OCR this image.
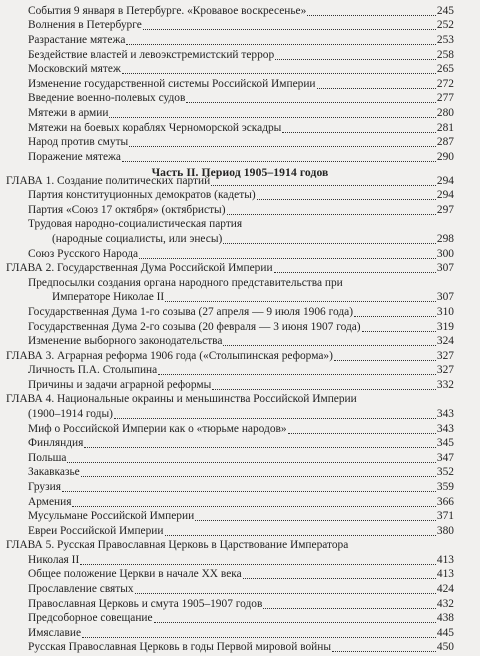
Часть II. Период 1905–1914 годов
События 9 января в Петербурге. «Кровавое воскресенье»	245
Волнения в Петербурге	252
Разрастание мятежа	253
Бездействие властей и левоэкстремистский террор	258
Московский мятеж	265
Изменение государственной системы Российской Империи	272
Введение военно-полевых судов	277
Мятежи в армии	280
Мятежи на боевых кораблях Черноморской эскадры	281
Народ против смуты	287
Поражение мятежа	290
ГЛАВА 1. Создание политических партий	294
Партия конституционных демократов (кадеты)	294
Партия «Союз 17 октября» (октябристы)	297
Трудовая народно-социалистическая партия
(народные социалисты, или энесы)	298
Союз Русского Народа	300
ГЛАВА 2. Государственная Дума Российской Империи	307
Предпосылки создания органа народного представительства при
Императоре Николае II	307
Государственная Дума 1-го созыва (27 апреля — 9 июля 1906 года)	310
Государственная Дума 2-го созыва (20 февраля — 3 июня 1907 года)	319
Изменение выборного законодательства	324
ГЛАВА 3. Аграрная реформа 1906 года («Столыпинская реформа»)	327
Личность П.А. Столыпина	327
Причины и задачи аграрной реформы	332
ГЛАВА 4. Национальные окраины и меньшинства Российской Империи
(1900–1914 годы)	343
Миф о Российской Империи как о «тюрьме народов»	343
Финляндия	345
Польша	347
Закавказье	352
Грузия	359
Армения	366
Мусульмане Российской Империи	371
Евреи Российской Империи	380
ГЛАВА 5. Русская Православная Церковь в Царствование Императора
Николая II	413
Общее положение Церкви в начале XX века	413
Прославление святых	424
Православная Церковь и смута 1905–1907 годов	432
Предсоборное совещание	438
Имяславие	445
Русская Православная Церковь в годы Первой мировой войны	450
